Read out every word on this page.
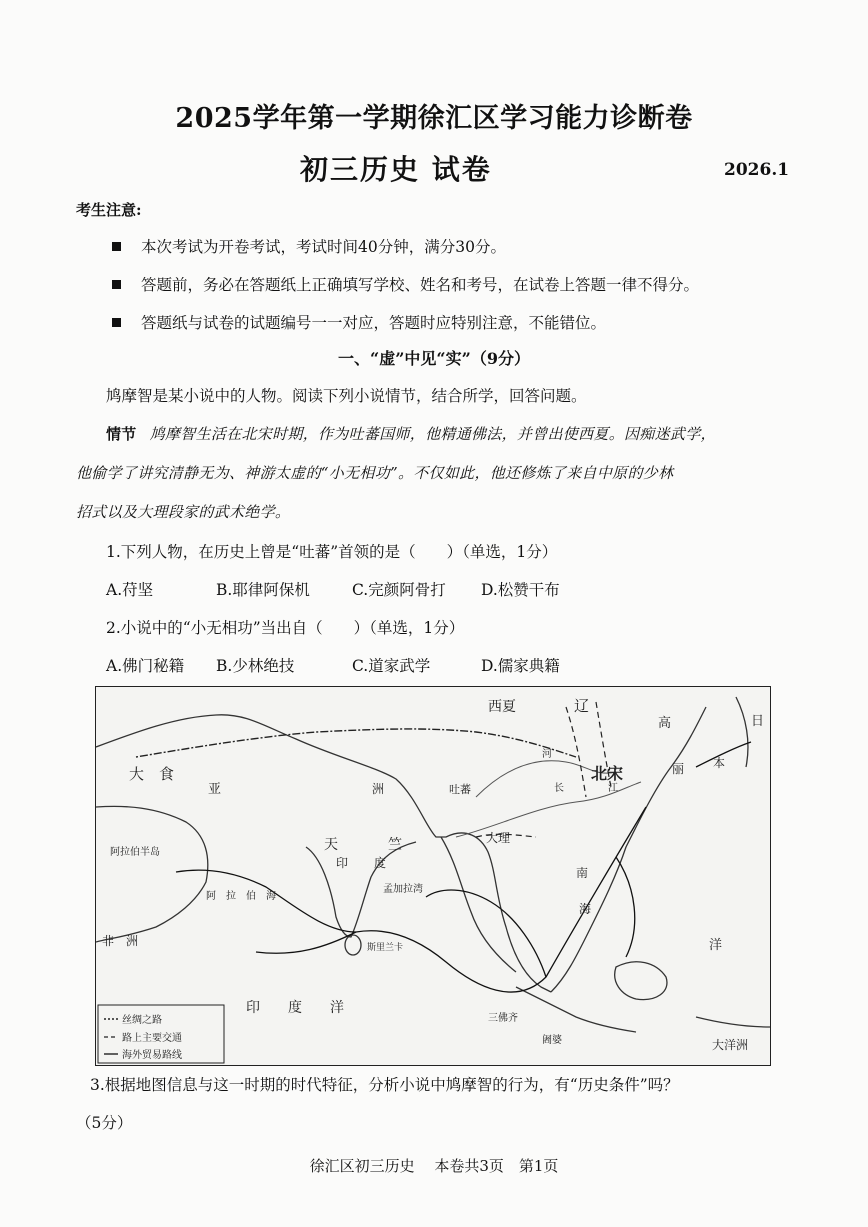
2025学年第一学期徐汇区学习能力诊断卷
初三历史 试卷	2026.1
考生注意:
本次考试为开卷考试，考试时间40分钟，满分30分。
答题前，务必在答题纸上正确填写学校、姓名和考号，在试卷上答题一律不得分。
答题纸与试卷的试题编号一一对应，答题时应特别注意，不能错位。
一、“虚”中见“实”（9分）
鸠摩智是某小说中的人物。阅读下列小说情节，结合所学，回答问题。
情节 鸠摩智生活在北宋时期，作为吐蕃国师，他精通佛法，并曾出使西夏。因痴迷武学，
他偷学了讲究清静无为、神游太虚的“小无相功”。不仅如此，他还修炼了来自中原的少林
招式以及大理段家的武术绝学。
1.下列人物，在历史上曾是“吐蕃”首领的是（　　）（单选，1分）
A.苻坚	B.耶律阿保机	C.完颜阿骨打 D.松赞干布
2.小说中的“小无相功”当出自（　　）（单选，1分）
A.佛门秘籍 B.少林绝技	C.道家武学	D.儒家典籍
西夏	辽
高
丽
日
本
北宋
吐蕃
大理
大　食
亚	洲
天	竺
印 度
阿拉伯半岛
非　洲	斯里兰卡
孟加拉湾
阿　拉　伯　海
印　　度　　洋
三佛齐
阇婆
南
海
洋
大洋洲
河
长	江
丝绸之路
路上主要交通
海外贸易路线
3.根据地图信息与这一时期的时代特征，分析小说中鸠摩智的行为，有“历史条件”吗？
（5分）
徐汇区初三历史　 本卷共3页　第1页
